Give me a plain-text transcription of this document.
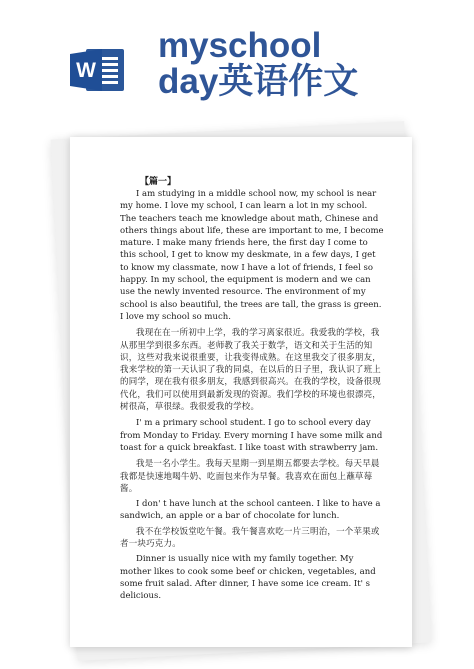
W
myschool
day英语作文

【篇一】

I am studying in a middle school now, my school is near my home. I love my school, I can learn a lot in my school. The teachers teach me knowledge about math, Chinese and others things about life, these are important to me, I become mature. I make many friends here, the first day I come to this school, I get to know my deskmate, in a few days, I get to know my classmate, now I have a lot of friends, I feel so happy. In my school, the equipment is modern and we can use the newly invented resource. The environment of my school is also beautiful, the trees are tall, the grass is green. I love my school so much.

我现在在一所初中上学，我的学习离家很近。我爱我的学校，我从那里学到很多东西。老师教了我关于数学，语文和关于生活的知识，这些对我来说很重要，让我变得成熟。在这里我交了很多朋友，我来学校的第一天认识了我的同桌，在以后的日子里，我认识了班上的同学，现在我有很多朋友，我感到很高兴。在我的学校，设备很现代化，我们可以使用到最新发现的资源。我们学校的环境也很漂亮，树很高，草很绿。我很爱我的学校。

I' m a primary school student. I go to school every day from Monday to Friday. Every morning I have some milk and toast for a quick breakfast. I like toast with strawberry jam.

我是一名小学生。我每天星期一到星期五都要去学校。每天早晨我都是快速地喝牛奶、吃面包来作为早餐。我喜欢在面包上蘸草莓酱。

I don' t have lunch at the school canteen. I like to have a sandwich, an apple or a bar of chocolate for lunch.

我不在学校饭堂吃午餐。我午餐喜欢吃一片三明治，一个苹果或者一块巧克力。

Dinner is usually nice with my family together. My mother likes to cook some beef or chicken, vegetables, and some fruit salad. After dinner, I have some ice cream. It' s delicious.
